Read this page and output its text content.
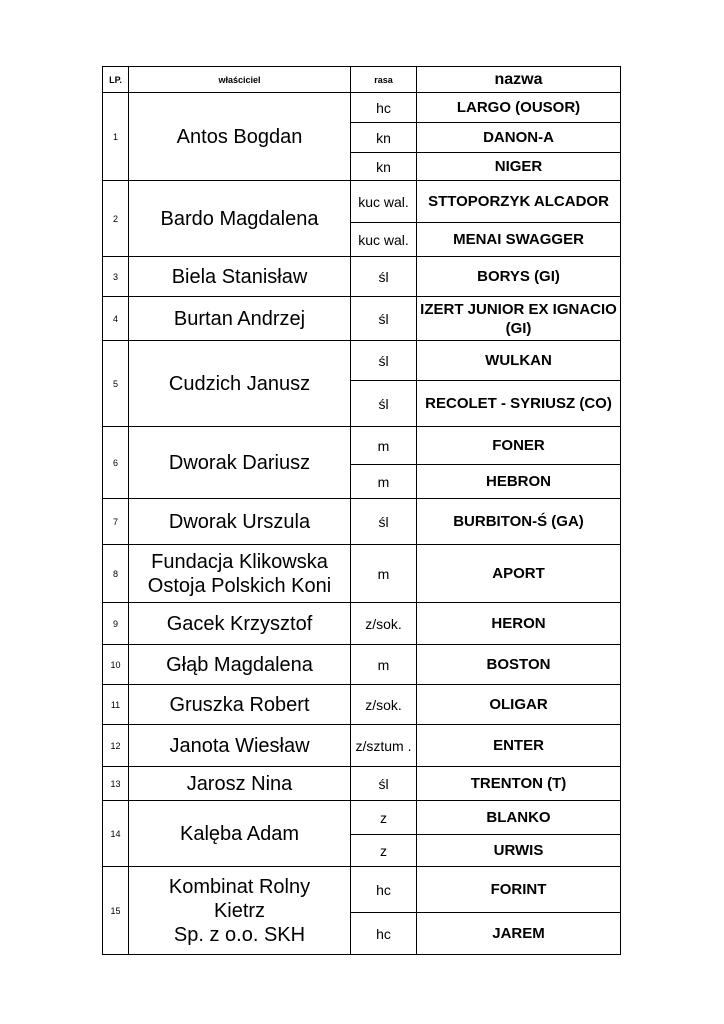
LP.	właściciel	rasa	nazwa
1	Antos Bogdan	hc	LARGO (OUSOR)
		kn	DANON-A
		kn	NIGER
2	Bardo Magdalena	kuc wal.	STTOPORZYK ALCADOR
		kuc wal.	MENAI SWAGGER
3	Biela Stanisław	śl	BORYS (GI)
4	Burtan Andrzej	śl	IZERT JUNIOR EX IGNACIO (GI)
5	Cudzich Janusz	śl	WULKAN
		śl	RECOLET - SYRIUSZ (CO)
6	Dworak Dariusz	m	FONER
		m	HEBRON
7	Dworak Urszula	śl	BURBITON-Ś (GA)
8	Fundacja Klikowska
Ostoja Polskich Koni	m	APORT
9	Gacek Krzysztof	z/sok.	HERON
10	Głąb Magdalena	m	BOSTON
11	Gruszka Robert	z/sok.	OLIGAR
12	Janota Wiesław	z/sztum .	ENTER
13	Jarosz Nina	śl	TRENTON (T)
14	Kalęba Adam	z	BLANKO
		z	URWIS
15	Kombinat Rolny
Kietrz
Sp. z o.o. SKH	hc	FORINT
		hc	JAREM
